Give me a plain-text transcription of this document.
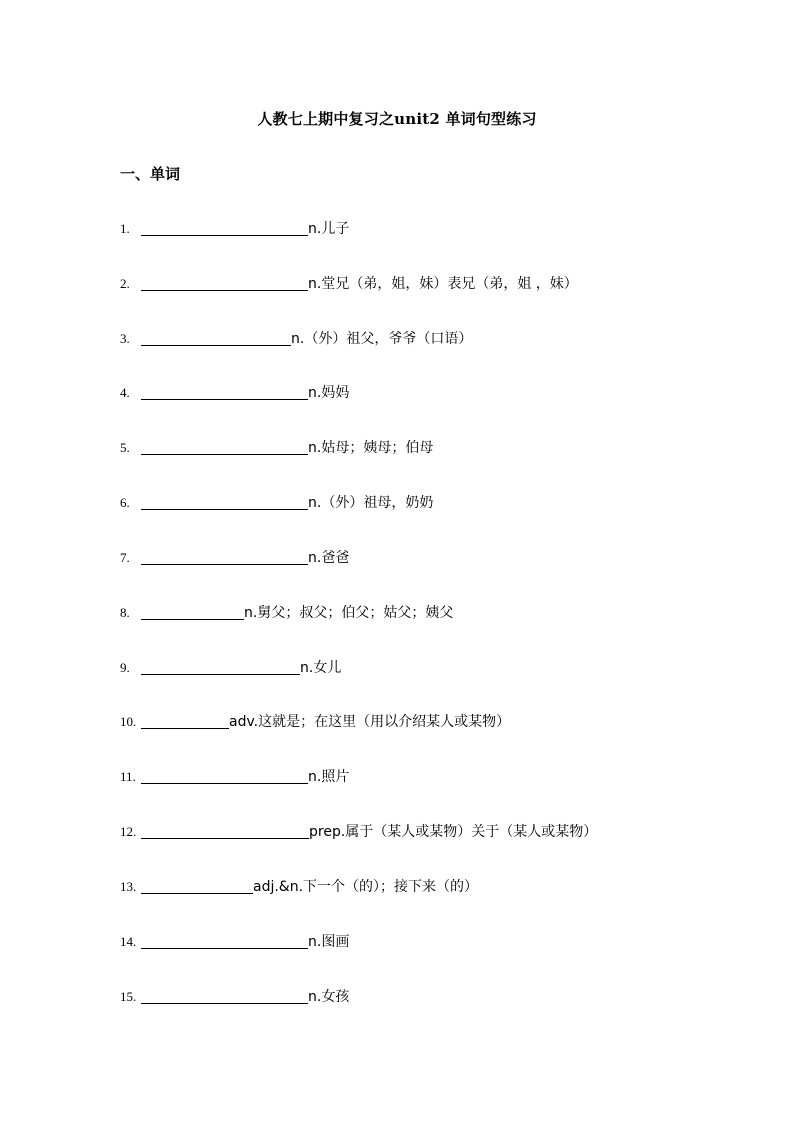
人教七上期中复习之unit2 单词句型练习
一、单词
1.	n.儿子
2.	n.堂兄（弟，姐，妹）表兄（弟，姐 ，妹）
3.	n.（外）祖父，爷爷（口语）
4.	n.妈妈
5.	n.姑母；姨母；伯母
6.	n.（外）祖母，奶奶
7.	n.爸爸
8.	n.舅父；叔父；伯父；姑父；姨父
9.	n.女儿
10.	adv.这就是；在这里（用以介绍某人或某物）
11.	n.照片
12.	prep.属于（某人或某物）关于（某人或某物）
13.	adj.&n.下一个（的）；接下来（的）
14.	n.图画
15.	n.女孩
